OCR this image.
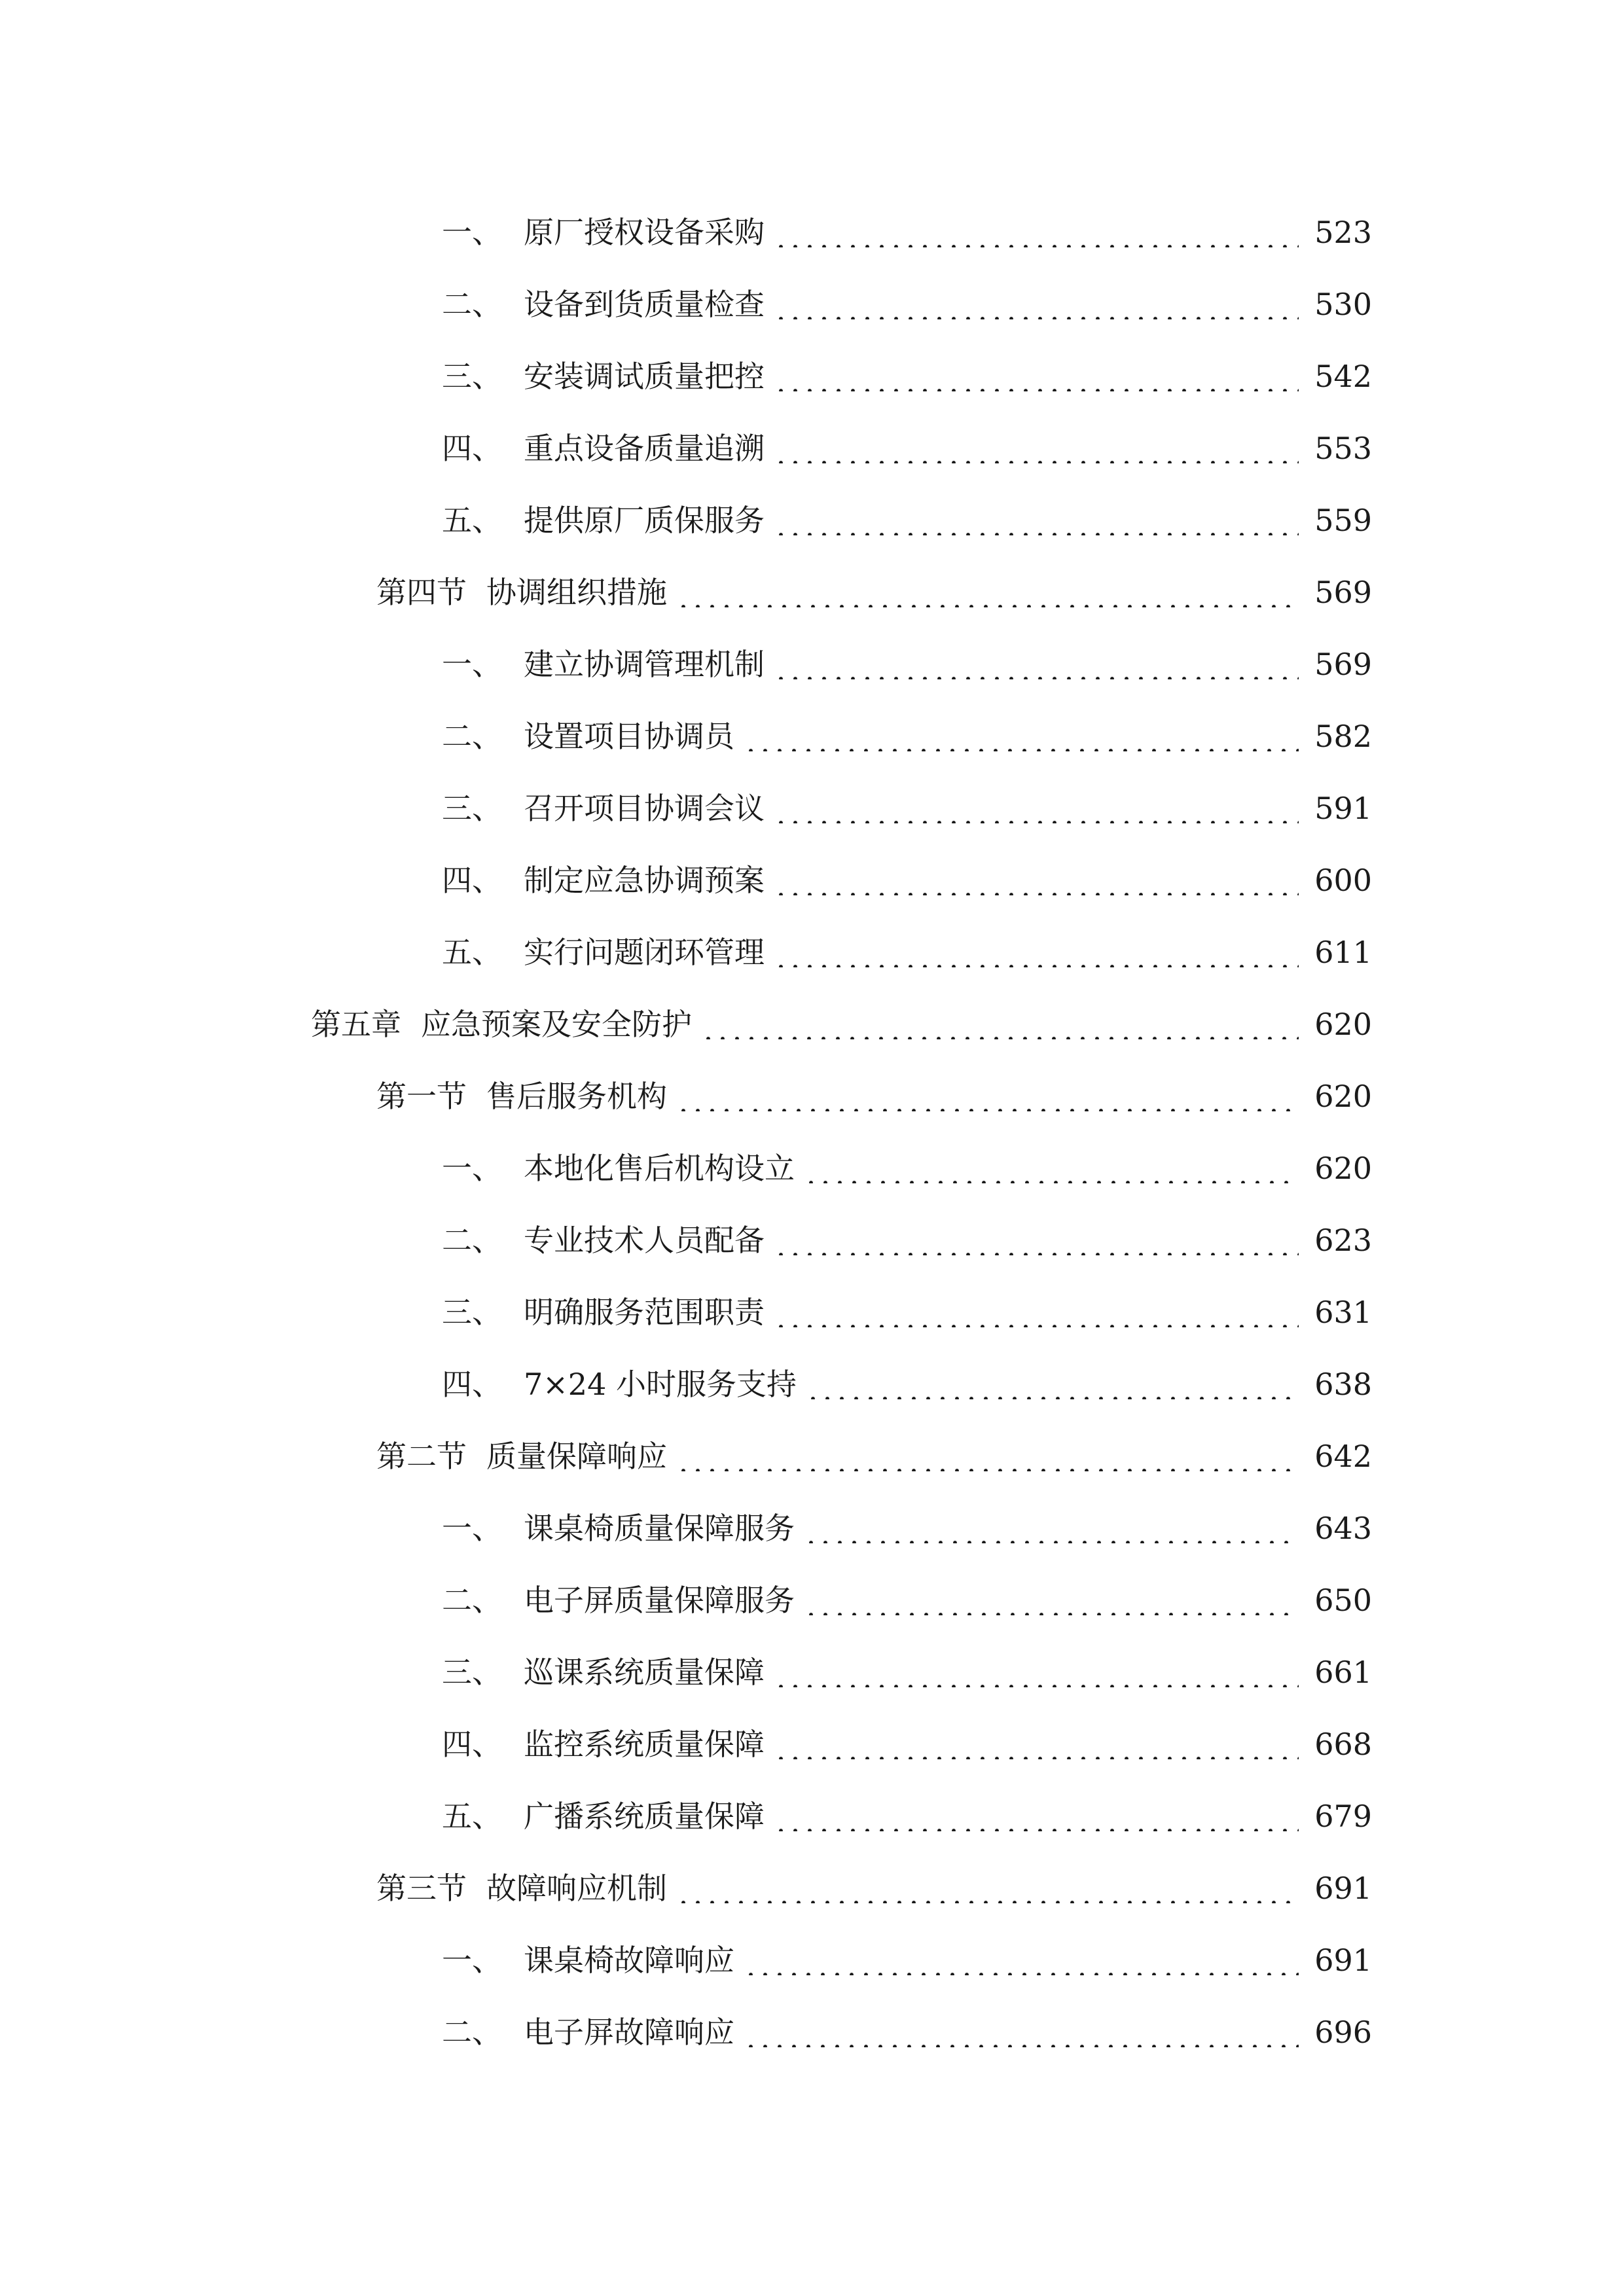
一、 原厂授权设备采购	523
二、 设备到货质量检查	530
三、 安装调试质量把控	542
四、 重点设备质量追溯	553
五、 提供原厂质保服务	559
第四节 协调组织措施	569
一、 建立协调管理机制	569
二、 设置项目协调员	582
三、 召开项目协调会议	591
四、 制定应急协调预案	600
五、 实行问题闭环管理	611
第五章 应急预案及安全防护	620
第一节 售后服务机构	620
一、 本地化售后机构设立	620
二、 专业技术人员配备	623
三、 明确服务范围职责	631
四、 7×24 小时服务支持	638
第二节 质量保障响应	642
一、 课桌椅质量保障服务	643
二、 电子屏质量保障服务	650
三、 巡课系统质量保障	661
四、 监控系统质量保障	668
五、 广播系统质量保障	679
第三节 故障响应机制	691
一、 课桌椅故障响应	691
二、 电子屏故障响应	696
